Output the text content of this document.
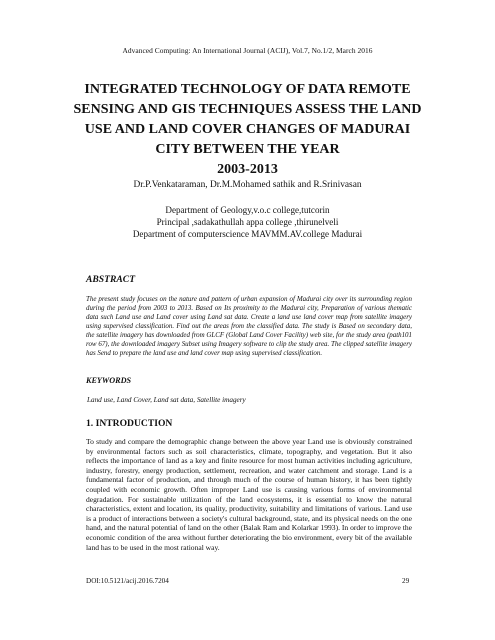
Advanced Computing: An International Journal (ACIJ), Vol.7, No.1/2, March 2016
INTEGRATED TECHNOLOGY OF DATA REMOTE
SENSING AND GIS TECHNIQUES ASSESS THE LAND
USE AND LAND COVER CHANGES OF MADURAI
CITY BETWEEN THE YEAR
2003-2013
Dr.P.Venkataraman, Dr.M.Mohamed sathik and R.Srinivasan
Department of Geology,v.o.c college,tutcorin
Principal ,sadakathullah appa college ,thirunelveli
Department of computerscience MAVMM.AV.college Madurai
ABSTRACT
The present study focuses on the nature and pattern of urban expansion of Madurai city over its surrounding region during the period from 2003 to 2013. Based on Its proximity to the Madurai city, Preparation of various thematic data such Land use and Land cover using Land sat data. Create a land use land cover map from satellite imagery using supervised classification. Find out the areas from the classified data. The study is Based on secondary data, the satellite imagery has downloaded from GLCF (Global Land Cover Facility) web site, for the study area (path101 row 67), the downloaded imagery Subset using Imagery software to clip the study area. The clipped satellite imagery has Send to prepare the land use and land cover map using supervised classification.
KEYWORDS
Land use, Land Cover, Land sat data, Satellite imagery
1. INTRODUCTION
To study and compare the demographic change between the above year Land use is obviously constrained by environmental factors such as soil characteristics, climate, topography, and vegetation. But it also reflects the importance of land as a key and finite resource for most human activities including agriculture, industry, forestry, energy production, settlement, recreation, and water catchment and storage. Land is a fundamental factor of production, and through much of the course of human history, it has been tightly coupled with economic growth. Often improper Land use is causing various forms of environmental degradation. For sustainable utilization of the land ecosystems, it is essential to know the natural characteristics, extent and location, its quality, productivity, suitability and limitations of various. Land use is a product of interactions between a society's cultural background, state, and its physical needs on the one hand, and the natural potential of land on the other (Balak Ram and Kolarkar 1993). In order to improve the economic condition of the area without further deteriorating the bio environment, every bit of the available land has to be used in the most rational way.
DOI:10.5121/acij.2016.7204	29
